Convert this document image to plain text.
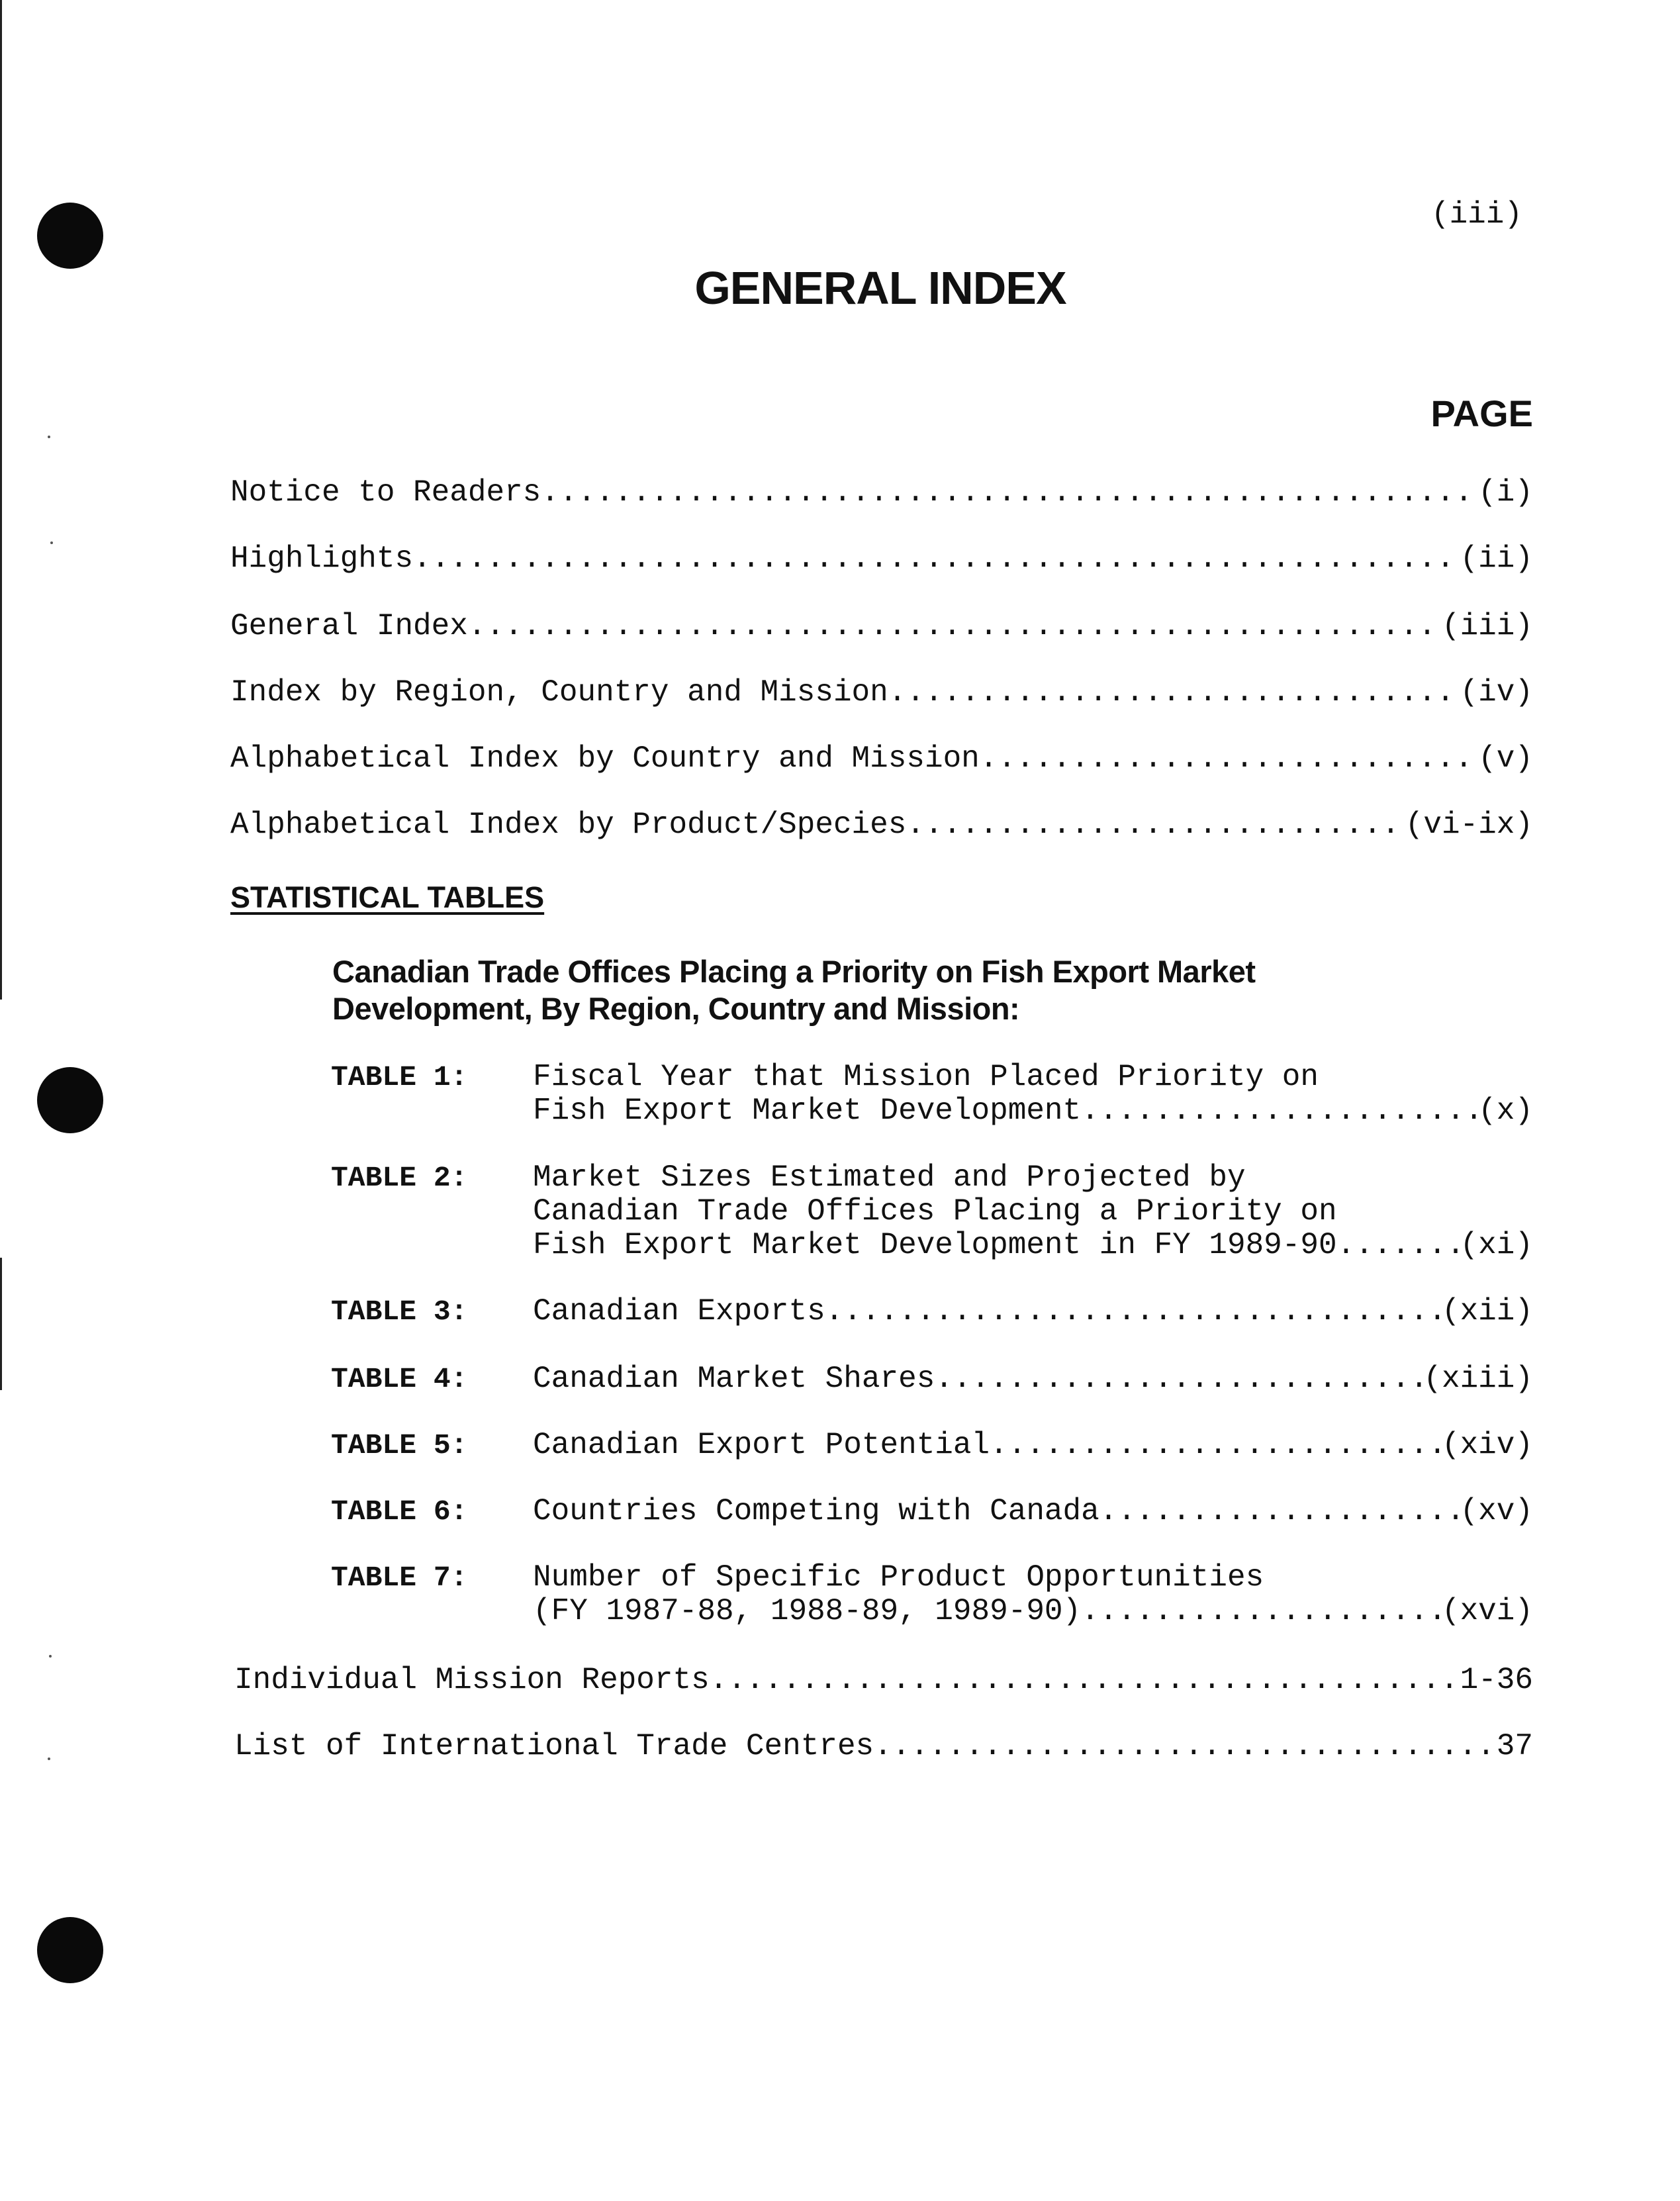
(iii)
GENERAL INDEX
PAGE
Notice to Readers .....	(i)
Highlights .....	(ii)
General Index .....	(iii)
Index by Region, Country and Mission .....	(iv)
Alphabetical Index by Country and Mission .....	(v)
Alphabetical Index by Product/Species .....	(vi-ix)
STATISTICAL TABLES
Canadian Trade Offices Placing a Priority on Fish Export Market
Development, By Region, Country and Mission:
TABLE 1: Fiscal Year that Mission Placed Priority on
Fish Export Market Development .....	(x)
TABLE 2: Market Sizes Estimated and Projected by
Canadian Trade Offices Placing a Priority on
Fish Export Market Development in FY 1989-90 .....	(xi)
TABLE 3: Canadian Exports .....	(xii)
TABLE 4: Canadian Market Shares .....	(xiii)
TABLE 5: Canadian Export Potential .....	(xiv)
TABLE 6: Countries Competing with Canada .....	(xv)
TABLE 7: Number of Specific Product Opportunities
(FY 1987-88, 1988-89, 1989-90) .....	(xvi)
Individual Mission Reports .....	1-36
List of International Trade Centres .....	37
